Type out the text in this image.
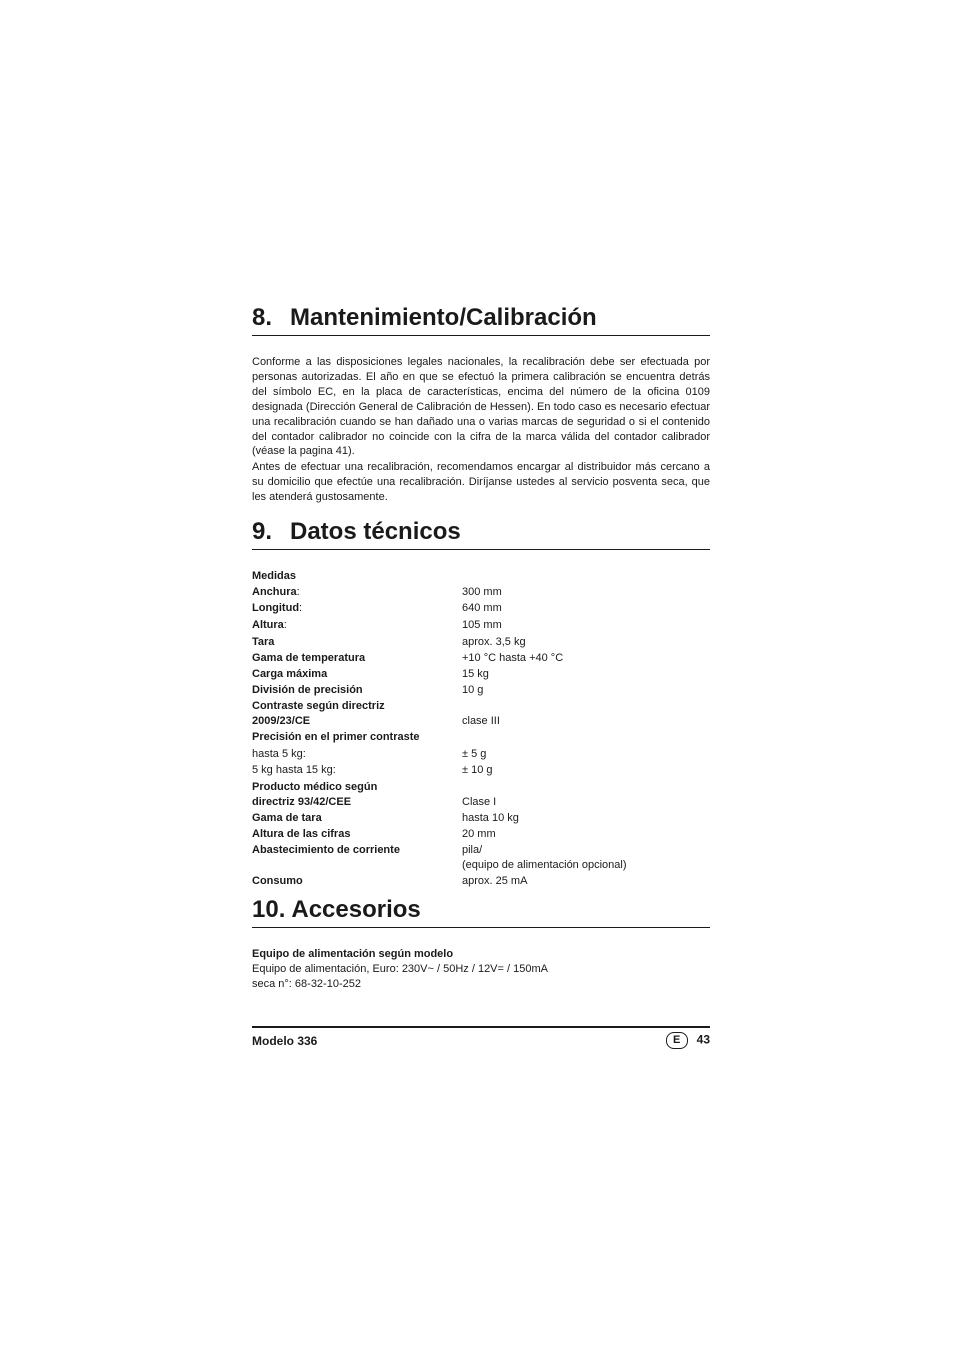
8. Mantenimiento/Calibración

Conforme a las disposiciones legales nacionales, la recalibración debe ser efectuada por personas autorizadas. El año en que se efectuó la primera calibración se encuentra detrás del símbolo EC, en la placa de características, encima del número de la oficina 0109 designada (Dirección General de Calibración de Hessen). En todo caso es necesario efectuar una recalibración cuando se han dañado una o varias marcas de seguridad o si el contenido del contador calibrador no coincide con la cifra de la marca válida del contador calibrador (véase la pagina 41).

Antes de efectuar una recalibración, recomendamos encargar al distribuidor más cercano a su domicilio que efectúe una recalibración. Diríjanse ustedes al servicio posventa seca, que les atenderá gustosamente.

9. Datos técnicos
Medidas
Anchura:	300 mm
Longitud:	640 mm
Altura:	105 mm
Tara	aprox. 3,5 kg
Gama de temperatura	+10 °C hasta +40 °C
Carga máxima	15 kg
División de precisión	10 g
Contraste según directriz
2009/23/CE
	clase III
Precisión en el primer contraste
hasta 5 kg:	± 5 g
5 kg hasta 15 kg:	± 10 g
Producto médico según
directriz 93/42/CEE
	Clase I
Gama de tara	hasta 10 kg
Altura de las cifras	20 mm
Abastecimiento de corriente	pila/
(equipo de alimentación opcional)
Consumo	aprox. 25 mA
10. Accesorios
Equipo de alimentación según modelo
Equipo de alimentación, Euro: 230V~ / 50Hz / 12V= / 150mA
seca n°: 68-32-10-252
Modelo 336	E 43
